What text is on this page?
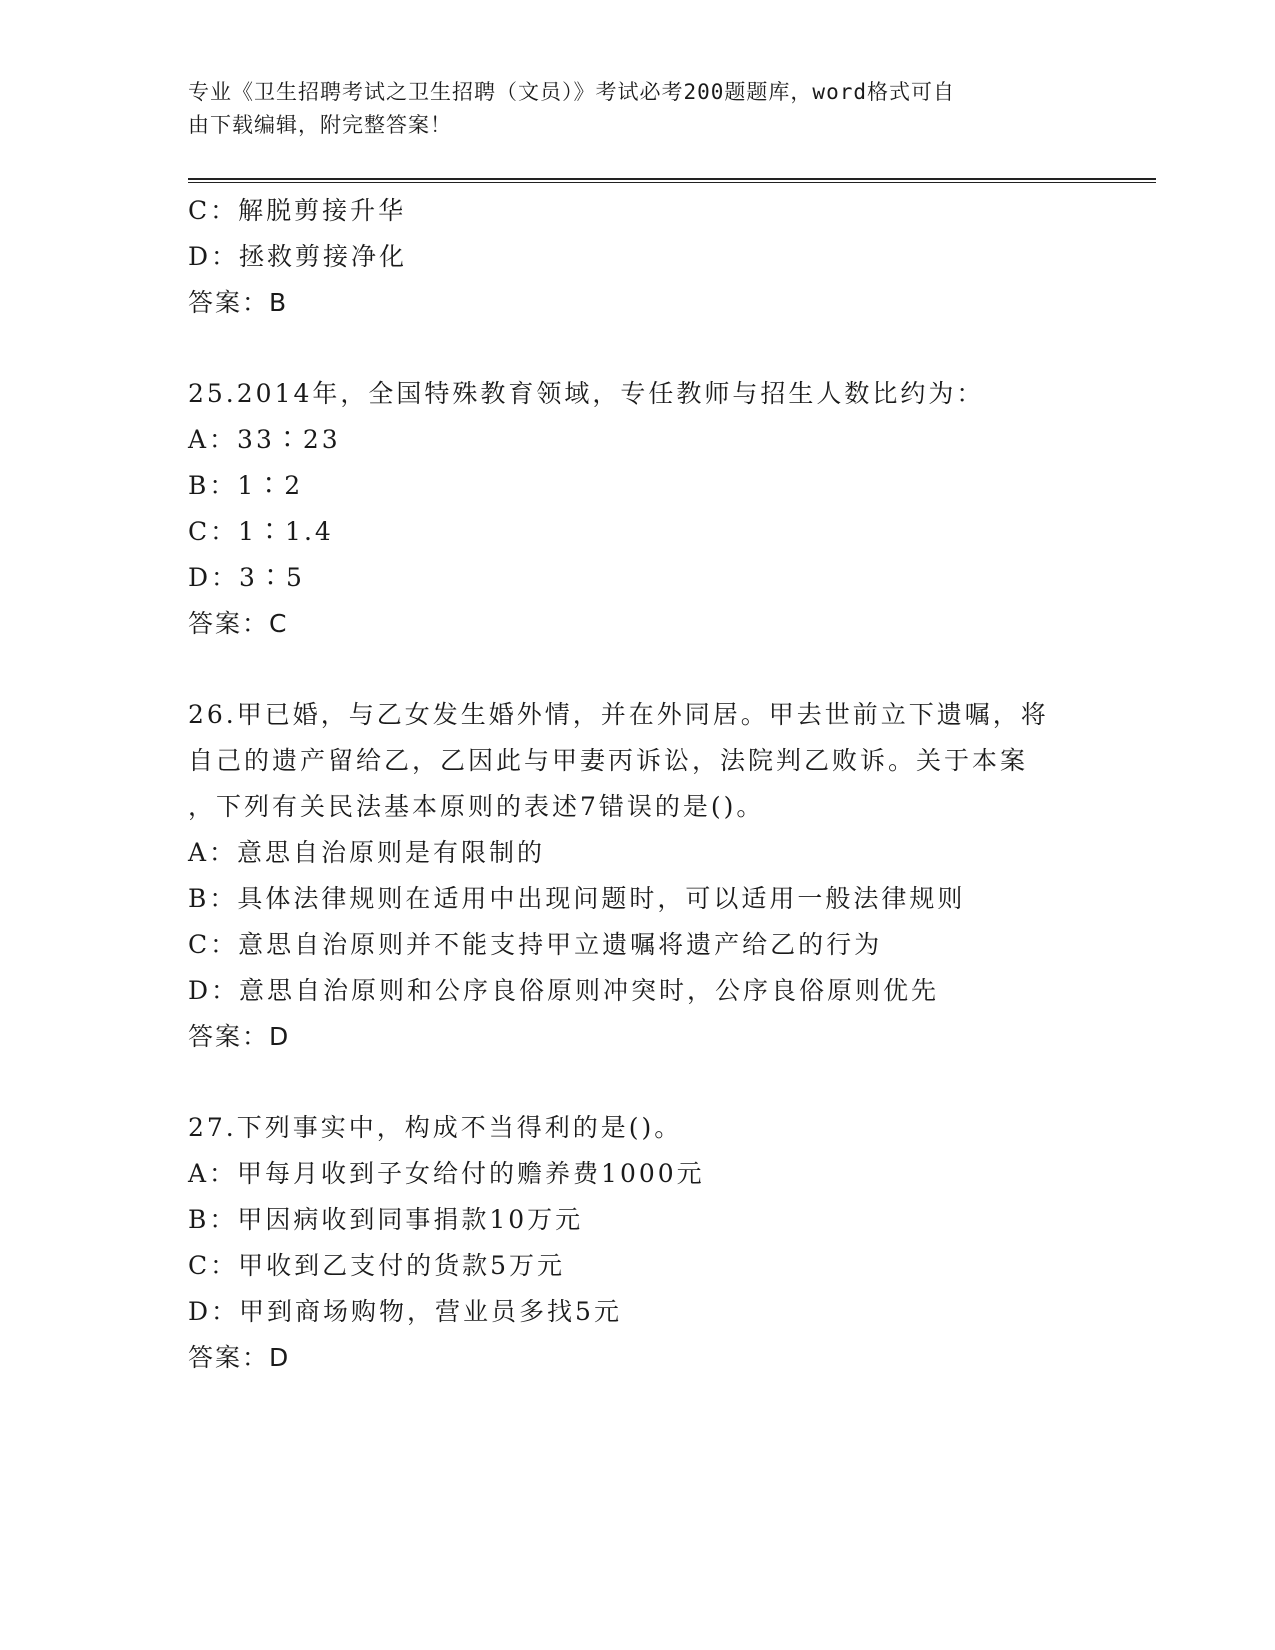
专业《卫生招聘考试之卫生招聘（文员）》考试必考200题题库，word格式可自
由下载编辑，附完整答案！
C：解脱剪接升华
D：拯救剪接净化
答案：B
25.2014年，全国特殊教育领域，专任教师与招生人数比约为：
A：33∶23
B：1∶2
C：1∶1.4
D：3∶5
答案：C
26.甲已婚，与乙女发生婚外情，并在外同居。甲去世前立下遗嘱，将
自己的遗产留给乙，乙因此与甲妻丙诉讼，法院判乙败诉。关于本案
，下列有关民法基本原则的表述7错误的是()。
A：意思自治原则是有限制的
B：具体法律规则在适用中出现问题时，可以适用一般法律规则
C：意思自治原则并不能支持甲立遗嘱将遗产给乙的行为
D：意思自治原则和公序良俗原则冲突时，公序良俗原则优先
答案：D
27.下列事实中，构成不当得利的是()。
A：甲每月收到子女给付的赡养费1000元
B：甲因病收到同事捐款10万元
C：甲收到乙支付的货款5万元
D：甲到商场购物，营业员多找5元
答案：D
